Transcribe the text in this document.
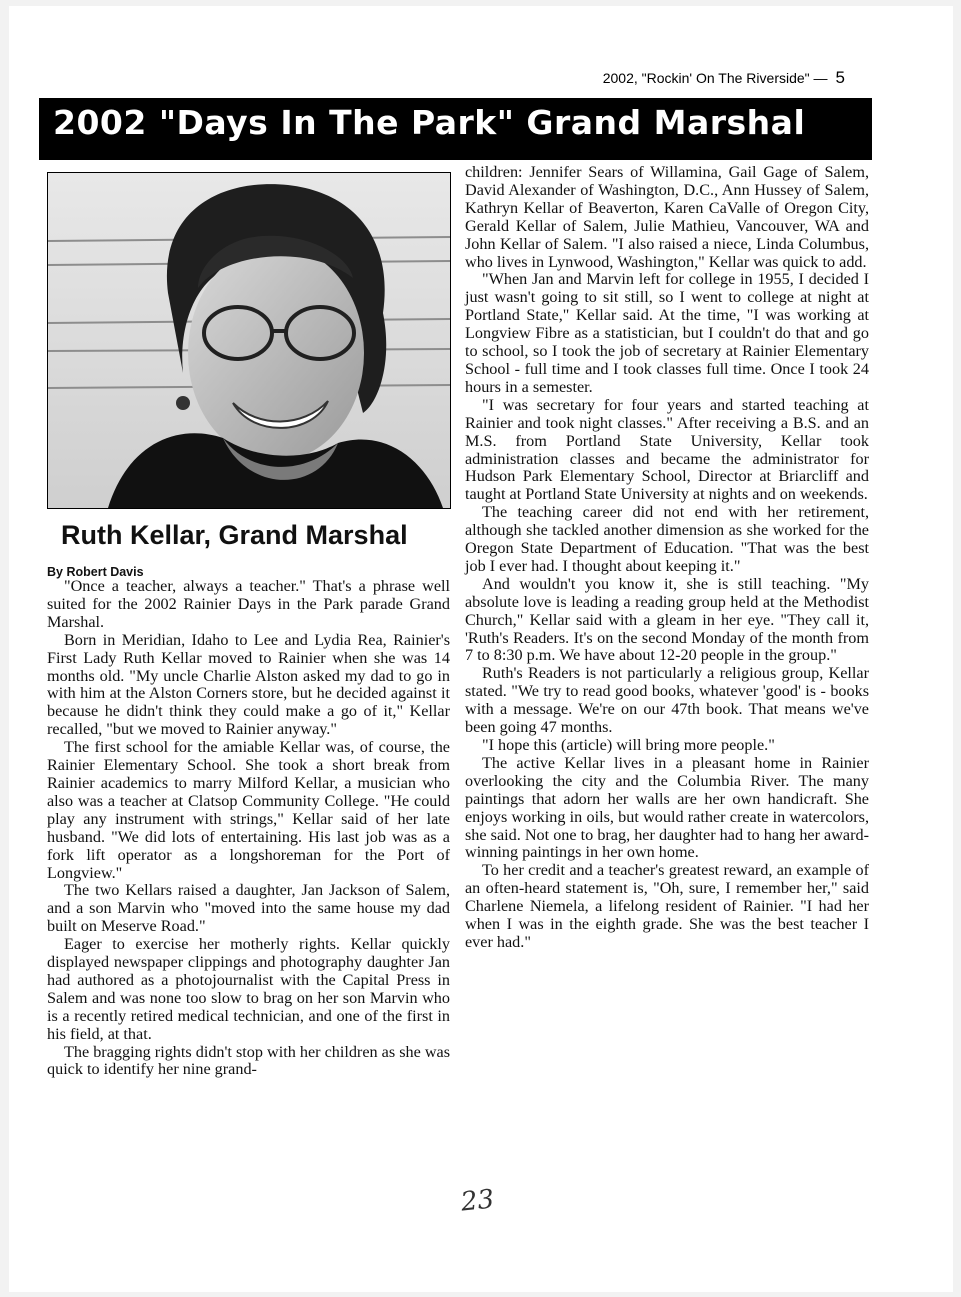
2002, "Rockin' On The Riverside" — 5
2002 "Days In The Park" Grand Marshal
Ruth Kellar, Grand Marshal
By Robert Davis

"Once a teacher, always a teacher." That's a phrase well suited for the 2002 Rainier Days in the Park parade Grand Marshal.

Born in Meridian, Idaho to Lee and Lydia Rea, Rainier's First Lady Ruth Kellar moved to Rainier when she was 14 months old. "My uncle Charlie Alston asked my dad to go in with him at the Alston Corners store, but he decided against it because he didn't think they could make a go of it," Kellar recalled, "but we moved to Rainier anyway."

The first school for the amiable Kellar was, of course, the Rainier Elementary School. She took a short break from Rainier academics to marry Milford Kellar, a musician who also was a teacher at Clatsop Community College. "He could play any instrument with strings," Kellar said of her late husband. "We did lots of entertaining. His last job was as a fork lift operator as a longshoreman for the Port of Longview."

The two Kellars raised a daughter, Jan Jackson of Salem, and a son Marvin who "moved into the same house my dad built on Meserve Road."

Eager to exercise her motherly rights. Kellar quickly displayed newspaper clippings and photography daughter Jan had authored as a photojournalist with the Capital Press in Salem and was none too slow to brag on her son Marvin who is a recently retired medical technician, and one of the first in his field, at that.

The bragging rights didn't stop with her children as she was quick to identify her nine grand-

children: Jennifer Sears of Willamina, Gail Gage of Salem, David Alexander of Washington, D.C., Ann Hussey of Salem, Kathryn Kellar of Beaverton, Karen CaValle of Oregon City, Gerald Kellar of Salem, Julie Mathieu, Vancouver, WA and John Kellar of Salem. "I also raised a niece, Linda Columbus, who lives in Lynwood, Washington," Kellar was quick to add.

"When Jan and Marvin left for college in 1955, I decided I just wasn't going to sit still, so I went to college at night at Portland State," Kellar said. At the time, "I was working at Longview Fibre as a statistician, but I couldn't do that and go to school, so I took the job of secretary at Rainier Elementary School - full time and I took classes full time. Once I took 24 hours in a semester.

"I was secretary for four years and started teaching at Rainier and took night classes." After receiving a B.S. and an M.S. from Portland State University, Kellar took administration classes and became the administrator for Hudson Park Elementary School, Director at Briarcliff and taught at Portland State University at nights and on weekends.

The teaching career did not end with her retirement, although she tackled another dimension as she worked for the Oregon State Department of Education. "That was the best job I ever had. I thought about keeping it."

And wouldn't you know it, she is still teaching. "My absolute love is leading a reading group held at the Methodist Church," Kellar said with a gleam in her eye. "They call it, 'Ruth's Readers. It's on the second Monday of the month from 7 to 8:30 p.m. We have about 12-20 people in the group."

Ruth's Readers is not particularly a religious group, Kellar stated. "We try to read good books, whatever 'good' is - books with a message. We're on our 47th book. That means we've been going 47 months.

"I hope this (article) will bring more people."

The active Kellar lives in a pleasant home in Rainier overlooking the city and the Columbia River. The many paintings that adorn her walls are her own handicraft. She enjoys working in oils, but would rather create in watercolors, she said. Not one to brag, her daughter had to hang her award-winning paintings in her own home.

To her credit and a teacher's greatest reward, an example of an often-heard statement is, "Oh, sure, I remember her," said Charlene Niemela, a lifelong resident of Rainier. "I had her when I was in the eighth grade. She was the best teacher I ever had."

23
